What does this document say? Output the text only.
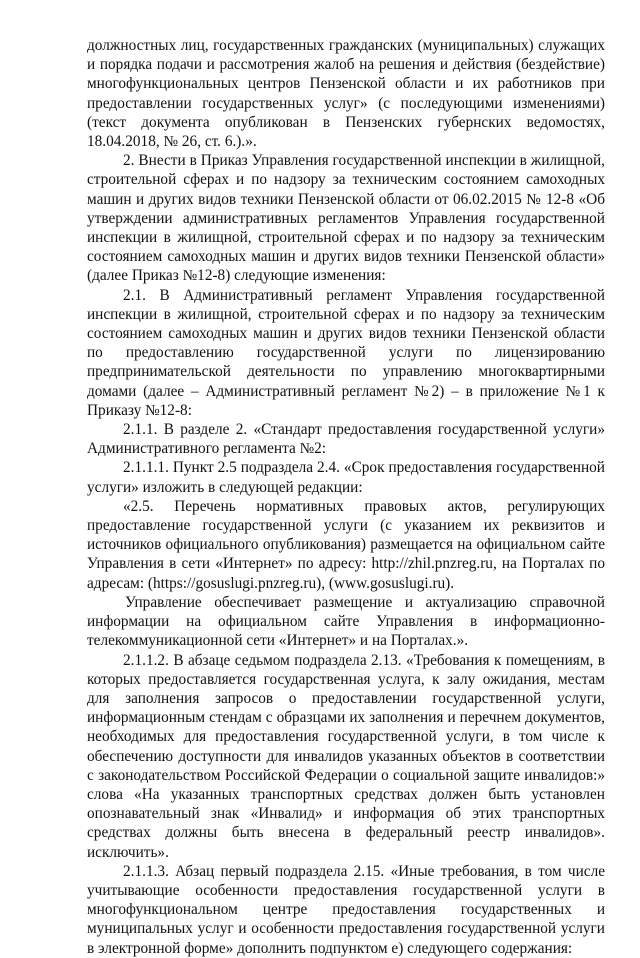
должностных лиц, государственных гражданских (муниципальных) служащих и порядка подачи и рассмотрения жалоб на решения и действия (бездействие) многофункциональных центров Пензенской области и их работников при предоставлении государственных услуг» (с последующими изменениями) (текст документа опубликован в Пензенских губернских ведомостях, 18.04.2018, № 26, ст. 6.).».

2. Внести в Приказ Управления государственной инспекции в жилищной, строительной сферах и по надзору за техническим состоянием самоходных машин и других видов техники Пензенской области от 06.02.2015 № 12-8 «Об утверждении административных регламентов Управления государственной инспекции в жилищной, строительной сферах и по надзору за техническим состоянием самоходных машин и других видов техники Пензенской области» (далее Приказ №12-8) следующие изменения:

2.1. В Административный регламент Управления государственной инспекции в жилищной, строительной сферах и по надзору за техническим состоянием самоходных машин и других видов техники Пензенской области по предоставлению государственной услуги по лицензированию предпринимательской деятельности по управлению многоквартирными домами (далее – Административный регламент №2) – в приложение №1 к Приказу №12-8:

2.1.1. В разделе 2. «Стандарт предоставления государственной услуги» Административного регламента №2:

2.1.1.1. Пункт 2.5 подраздела 2.4. «Срок предоставления государственной услуги» изложить в следующей редакции:

«2.5. Перечень нормативных правовых актов, регулирующих предоставление государственной услуги (с указанием их реквизитов и источников официального опубликования) размещается на официальном сайте Управления в сети «Интернет» по адресу: http://zhil.pnzreg.ru, на Порталах по адресам: (https://gosuslugi.pnzreg.ru), (www.gosuslugi.ru).

Управление обеспечивает размещение и актуализацию справочной информации на официальном сайте Управления в информационно-телекоммуникационной сети «Интернет» и на Порталах.».

2.1.1.2. В абзаце седьмом подраздела 2.13. «Требования к помещениям, в которых предоставляется государственная услуга, к залу ожидания, местам для заполнения запросов о предоставлении государственной услуги, информационным стендам с образцами их заполнения и перечнем документов, необходимых для предоставления государственной услуги, в том числе к обеспечению доступности для инвалидов указанных объектов в соответствии с законодательством Российской Федерации о социальной защите инвалидов:» слова «На указанных транспортных средствах должен быть установлен опознавательный знак «Инвалид» и информация об этих транспортных средствах должны быть внесена в федеральный реестр инвалидов». исключить».

2.1.1.3. Абзац первый подраздела 2.15. «Иные требования, в том числе учитывающие особенности предоставления государственной услуги в многофункциональном центре предоставления государственных и муниципальных услуг и особенности предоставления государственной услуги в электронной форме» дополнить подпунктом е) следующего содержания:
